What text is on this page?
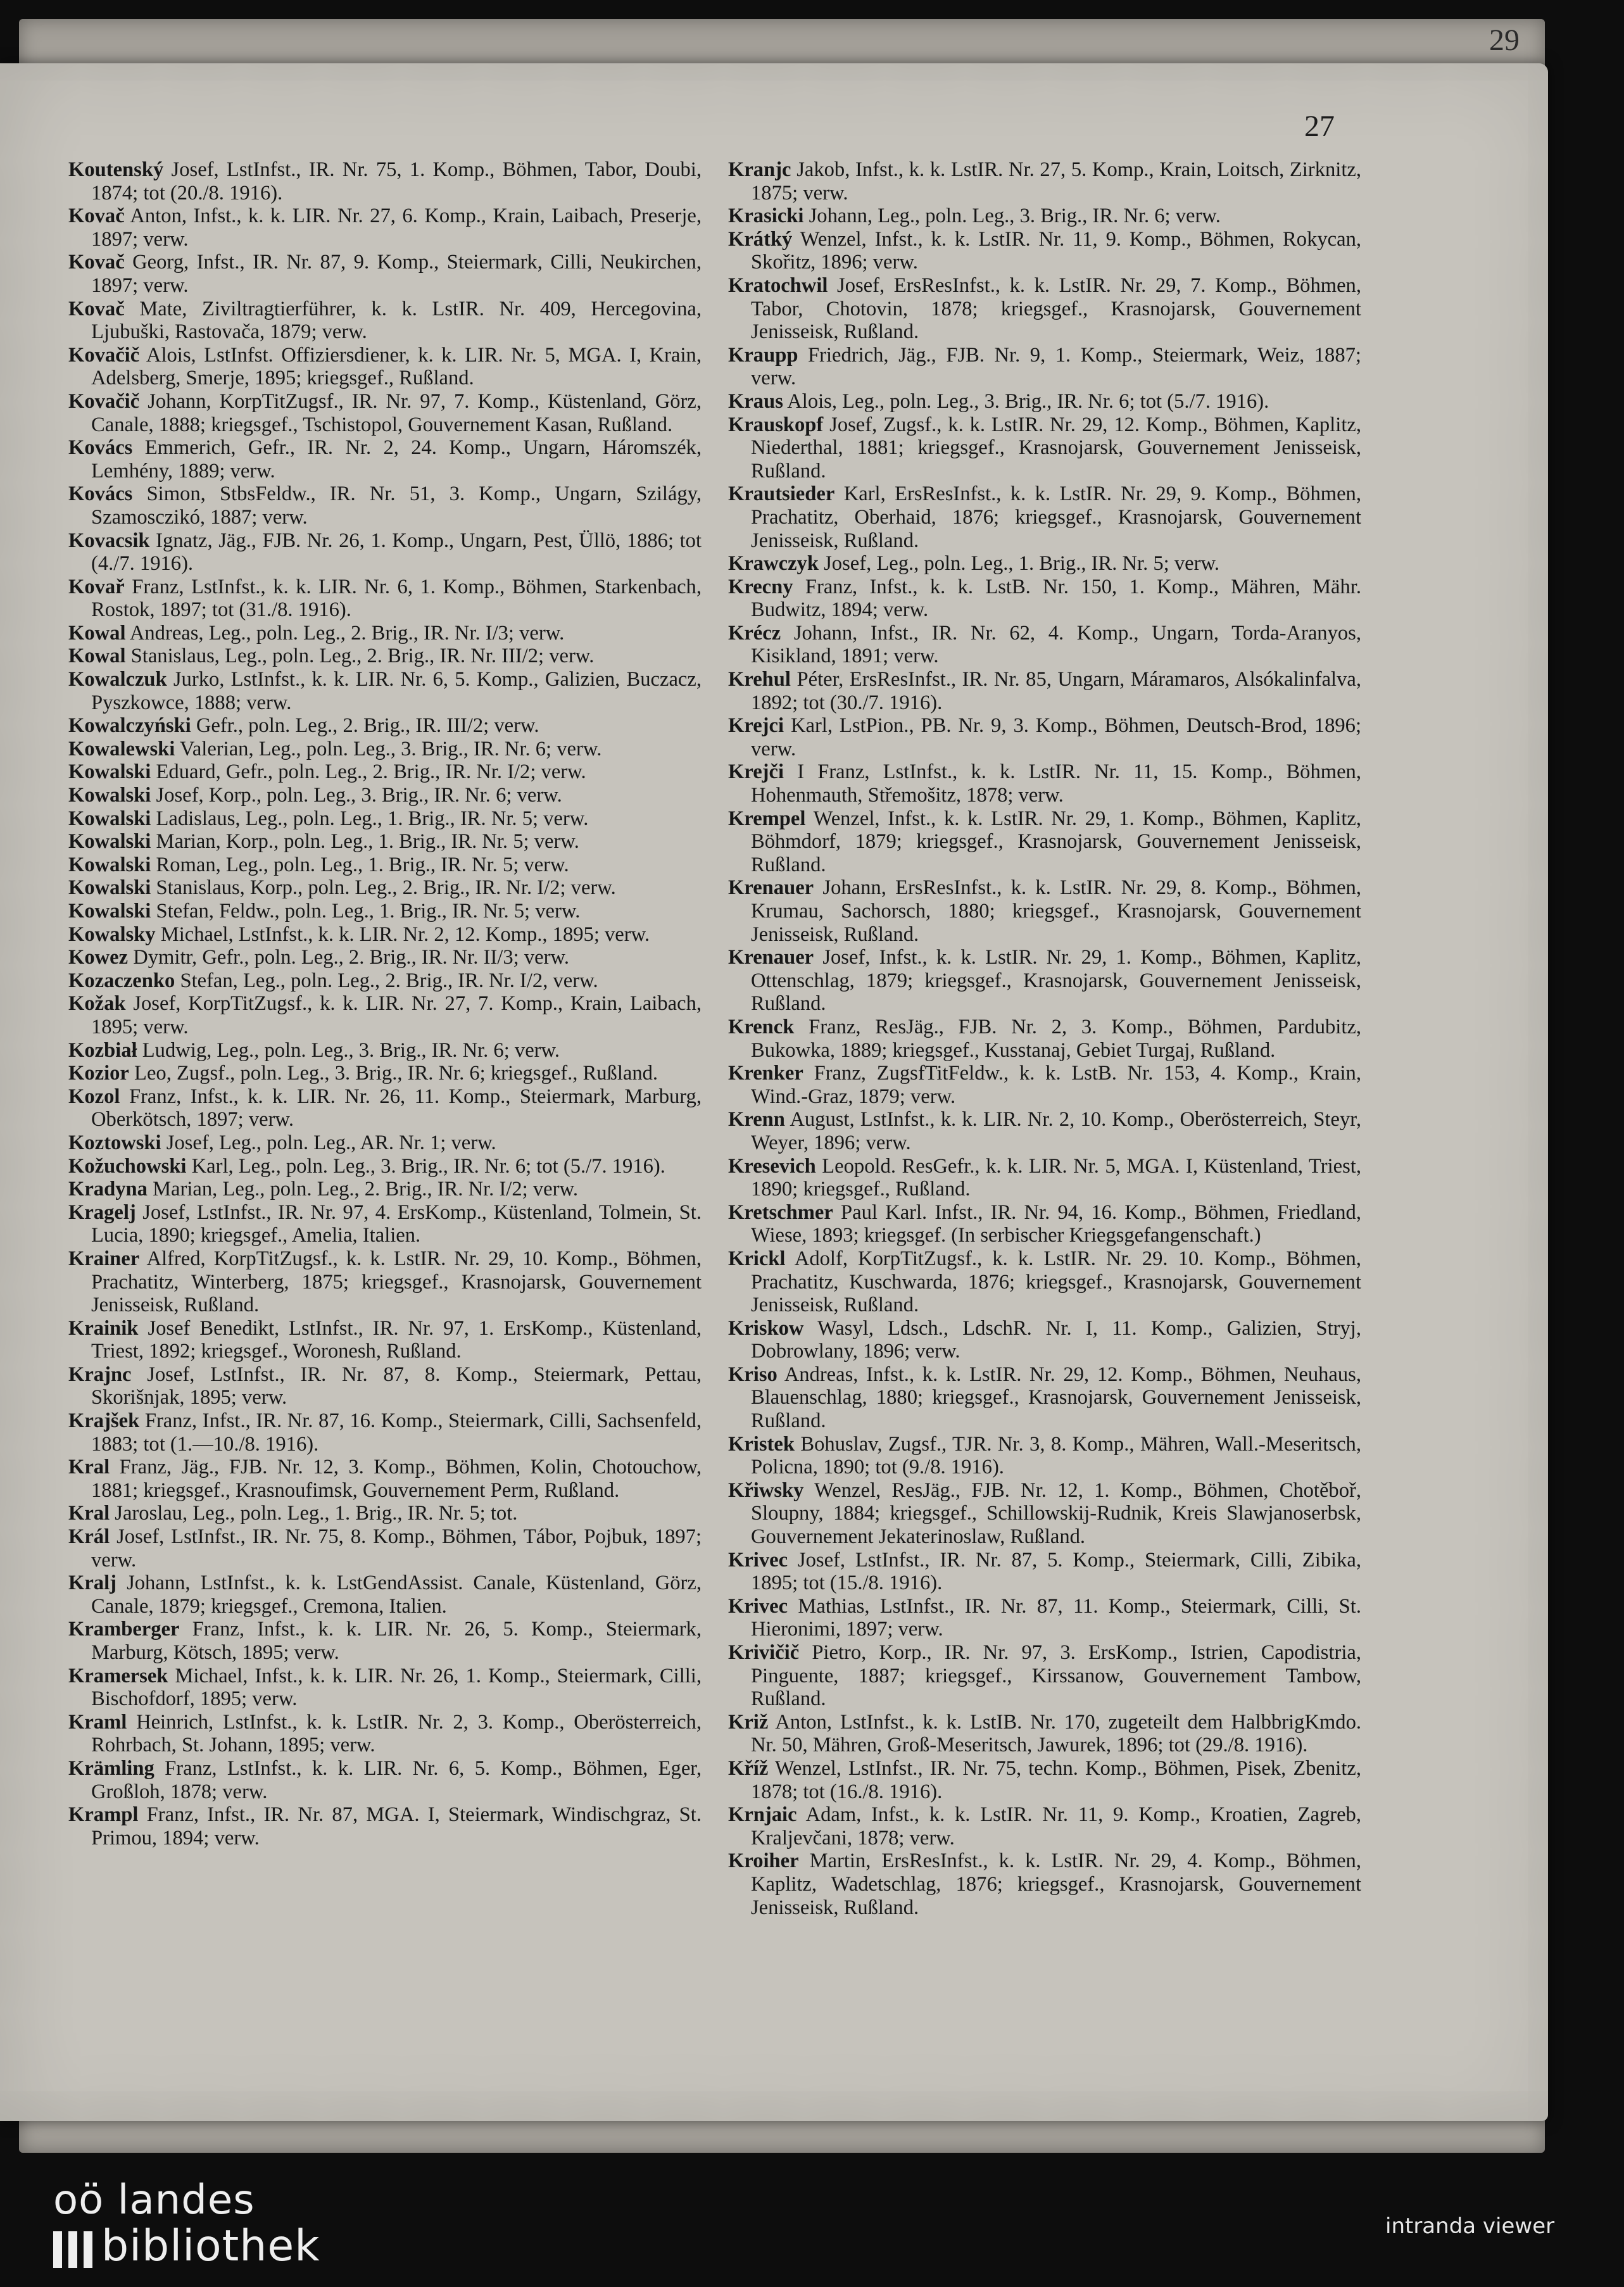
29
27
Koutenský Josef, LstInfst., IR. Nr. 75, 1. Komp., Böhmen, Tabor, Doubi, 1874; tot (20./8. 1916).
Kovač Anton, Infst., k. k. LIR. Nr. 27, 6. Komp., Krain, Laibach, Preserje, 1897; verw.
Kovač Georg, Infst., IR. Nr. 87, 9. Komp., Steiermark, Cilli, Neukirchen, 1897; verw.
Kovač Mate, Ziviltragtierführer, k. k. LstIR. Nr. 409, Hercegovina, Ljubuški, Rastovača, 1879; verw.
Kovačič Alois, LstInfst. Offiziersdiener, k. k. LIR. Nr. 5, MGA. I, Krain, Adelsberg, Smerje, 1895; kriegsgef., Rußland.
Kovačič Johann, KorpTitZugsf., IR. Nr. 97, 7. Komp., Küstenland, Görz, Canale, 1888; kriegsgef., Tschistopol, Gouvernement Kasan, Rußland.
Kovács Emmerich, Gefr., IR. Nr. 2, 24. Komp., Ungarn, Háromszék, Lemhény, 1889; verw.
Kovács Simon, StbsFeldw., IR. Nr. 51, 3. Komp., Ungarn, Szilágy, Szamosczikó, 1887; verw.
Kovacsik Ignatz, Jäg., FJB. Nr. 26, 1. Komp., Ungarn, Pest, Üllö, 1886; tot (4./7. 1916).
Kovař Franz, LstInfst., k. k. LIR. Nr. 6, 1. Komp., Böhmen, Starkenbach, Rostok, 1897; tot (31./8. 1916).
Kowal Andreas, Leg., poln. Leg., 2. Brig., IR. Nr. I/3; verw.
Kowal Stanislaus, Leg., poln. Leg., 2. Brig., IR. Nr. III/2; verw.
Kowalczuk Jurko, LstInfst., k. k. LIR. Nr. 6, 5. Komp., Galizien, Buczacz, Pyszkowce, 1888; verw.
Kowalczyński Gefr., poln. Leg., 2. Brig., IR. III/2; verw.
Kowalewski Valerian, Leg., poln. Leg., 3. Brig., IR. Nr. 6; verw.
Kowalski Eduard, Gefr., poln. Leg., 2. Brig., IR. Nr. I/2; verw.
Kowalski Josef, Korp., poln. Leg., 3. Brig., IR. Nr. 6; verw.
Kowalski Ladislaus, Leg., poln. Leg., 1. Brig., IR. Nr. 5; verw.
Kowalski Marian, Korp., poln. Leg., 1. Brig., IR. Nr. 5; verw.
Kowalski Roman, Leg., poln. Leg., 1. Brig., IR. Nr. 5; verw.
Kowalski Stanislaus, Korp., poln. Leg., 2. Brig., IR. Nr. I/2; verw.
Kowalski Stefan, Feldw., poln. Leg., 1. Brig., IR. Nr. 5; verw.
Kowalsky Michael, LstInfst., k. k. LIR. Nr. 2, 12. Komp., 1895; verw.
Kowez Dymitr, Gefr., poln. Leg., 2. Brig., IR. Nr. II/3; verw.
Kozaczenko Stefan, Leg., poln. Leg., 2. Brig., IR. Nr. I/2, verw.
Kožak Josef, KorpTitZugsf., k. k. LIR. Nr. 27, 7. Komp., Krain, Laibach, 1895; verw.
Kozbiał Ludwig, Leg., poln. Leg., 3. Brig., IR. Nr. 6; verw.
Kozior Leo, Zugsf., poln. Leg., 3. Brig., IR. Nr. 6; kriegsgef., Rußland.
Kozol Franz, Infst., k. k. LIR. Nr. 26, 11. Komp., Steiermark, Marburg, Oberkötsch, 1897; verw.
Koztowski Josef, Leg., poln. Leg., AR. Nr. 1; verw.
Kožuchowski Karl, Leg., poln. Leg., 3. Brig., IR. Nr. 6; tot (5./7. 1916).
Kradyna Marian, Leg., poln. Leg., 2. Brig., IR. Nr. I/2; verw.
Kragelj Josef, LstInfst., IR. Nr. 97, 4. ErsKomp., Küstenland, Tolmein, St. Lucia, 1890; kriegsgef., Amelia, Italien.
Krainer Alfred, KorpTitZugsf., k. k. LstIR. Nr. 29, 10. Komp., Böhmen, Prachatitz, Winterberg, 1875; kriegsgef., Krasnojarsk, Gouvernement Jenisseisk, Rußland.
Krainik Josef Benedikt, LstInfst., IR. Nr. 97, 1. ErsKomp., Küstenland, Triest, 1892; kriegsgef., Woronesh, Rußland.
Krajnc Josef, LstInfst., IR. Nr. 87, 8. Komp., Steiermark, Pettau, Skorišnjak, 1895; verw.
Krajšek Franz, Infst., IR. Nr. 87, 16. Komp., Steiermark, Cilli, Sachsenfeld, 1883; tot (1.—10./8. 1916).
Kral Franz, Jäg., FJB. Nr. 12, 3. Komp., Böhmen, Kolin, Chotouchow, 1881; kriegsgef., Krasnoufimsk, Gouvernement Perm, Rußland.
Kral Jaroslau, Leg., poln. Leg., 1. Brig., IR. Nr. 5; tot.
Král Josef, LstInfst., IR. Nr. 75, 8. Komp., Böhmen, Tábor, Pojbuk, 1897; verw.
Kralj Johann, LstInfst., k. k. LstGendAssist. Canale, Küstenland, Görz, Canale, 1879; kriegsgef., Cremona, Italien.
Kramberger Franz, Infst., k. k. LIR. Nr. 26, 5. Komp., Steiermark, Marburg, Kötsch, 1895; verw.
Kramersek Michael, Infst., k. k. LIR. Nr. 26, 1. Komp., Steiermark, Cilli, Bischofdorf, 1895; verw.
Kraml Heinrich, LstInfst., k. k. LstIR. Nr. 2, 3. Komp., Oberösterreich, Rohrbach, St. Johann, 1895; verw.
Krämling Franz, LstInfst., k. k. LIR. Nr. 6, 5. Komp., Böhmen, Eger, Großloh, 1878; verw.
Krampl Franz, Infst., IR. Nr. 87, MGA. I, Steiermark, Windischgraz, St. Primou, 1894; verw.
Kranjc Jakob, Infst., k. k. LstIR. Nr. 27, 5. Komp., Krain, Loitsch, Zirknitz, 1875; verw.
Krasicki Johann, Leg., poln. Leg., 3. Brig., IR. Nr. 6; verw.
Krátký Wenzel, Infst., k. k. LstIR. Nr. 11, 9. Komp., Böhmen, Rokycan, Skořitz, 1896; verw.
Kratochwil Josef, ErsResInfst., k. k. LstIR. Nr. 29, 7. Komp., Böhmen, Tabor, Chotovin, 1878; kriegsgef., Krasnojarsk, Gouvernement Jenisseisk, Rußland.
Kraupp Friedrich, Jäg., FJB. Nr. 9, 1. Komp., Steiermark, Weiz, 1887; verw.
Kraus Alois, Leg., poln. Leg., 3. Brig., IR. Nr. 6; tot (5./7. 1916).
Krauskopf Josef, Zugsf., k. k. LstIR. Nr. 29, 12. Komp., Böhmen, Kaplitz, Niederthal, 1881; kriegsgef., Krasnojarsk, Gouvernement Jenisseisk, Rußland.
Krautsieder Karl, ErsResInfst., k. k. LstIR. Nr. 29, 9. Komp., Böhmen, Prachatitz, Oberhaid, 1876; kriegsgef., Krasnojarsk, Gouvernement Jenisseisk, Rußland.
Krawczyk Josef, Leg., poln. Leg., 1. Brig., IR. Nr. 5; verw.
Krecny Franz, Infst., k. k. LstB. Nr. 150, 1. Komp., Mähren, Mähr. Budwitz, 1894; verw.
Krécz Johann, Infst., IR. Nr. 62, 4. Komp., Ungarn, Torda-Aranyos, Kisikland, 1891; verw.
Krehul Péter, ErsResInfst., IR. Nr. 85, Ungarn, Máramaros, Alsókalinfalva, 1892; tot (30./7. 1916).
Krejci Karl, LstPion., PB. Nr. 9, 3. Komp., Böhmen, Deutsch-Brod, 1896; verw.
Krejči I Franz, LstInfst., k. k. LstIR. Nr. 11, 15. Komp., Böhmen, Hohenmauth, Střemošitz, 1878; verw.
Krempel Wenzel, Infst., k. k. LstIR. Nr. 29, 1. Komp., Böhmen, Kaplitz, Böhmdorf, 1879; kriegsgef., Krasnojarsk, Gouvernement Jenisseisk, Rußland.
Krenauer Johann, ErsResInfst., k. k. LstIR. Nr. 29, 8. Komp., Böhmen, Krumau, Sachorsch, 1880; kriegsgef., Krasnojarsk, Gouvernement Jenisseisk, Rußland.
Krenauer Josef, Infst., k. k. LstIR. Nr. 29, 1. Komp., Böhmen, Kaplitz, Ottenschlag, 1879; kriegsgef., Krasnojarsk, Gouvernement Jenisseisk, Rußland.
Krenck Franz, ResJäg., FJB. Nr. 2, 3. Komp., Böhmen, Pardubitz, Bukowka, 1889; kriegsgef., Kusstanaj, Gebiet Turgaj, Rußland.
Krenker Franz, ZugsfTitFeldw., k. k. LstB. Nr. 153, 4. Komp., Krain, Wind.-Graz, 1879; verw.
Krenn August, LstInfst., k. k. LIR. Nr. 2, 10. Komp., Oberösterreich, Steyr, Weyer, 1896; verw.
Kresevich Leopold. ResGefr., k. k. LIR. Nr. 5, MGA. I, Küstenland, Triest, 1890; kriegsgef., Rußland.
Kretschmer Paul Karl. Infst., IR. Nr. 94, 16. Komp., Böhmen, Friedland, Wiese, 1893; kriegsgef. (In serbischer Kriegsgefangenschaft.)
Krickl Adolf, KorpTitZugsf., k. k. LstIR. Nr. 29. 10. Komp., Böhmen, Prachatitz, Kuschwarda, 1876; kriegsgef., Krasnojarsk, Gouvernement Jenisseisk, Rußland.
Kriskow Wasyl, Ldsch., LdschR. Nr. I, 11. Komp., Galizien, Stryj, Dobrowlany, 1896; verw.
Kriso Andreas, Infst., k. k. LstIR. Nr. 29, 12. Komp., Böhmen, Neuhaus, Blauenschlag, 1880; kriegsgef., Krasnojarsk, Gouvernement Jenisseisk, Rußland.
Kristek Bohuslav, Zugsf., TJR. Nr. 3, 8. Komp., Mähren, Wall.-Meseritsch, Policna, 1890; tot (9./8. 1916).
Křiwsky Wenzel, ResJäg., FJB. Nr. 12, 1. Komp., Böhmen, Chotěboř, Sloupny, 1884; kriegsgef., Schillowskij-Rudnik, Kreis Slawjanoserbsk, Gouvernement Jekaterinoslaw, Rußland.
Krivec Josef, LstInfst., IR. Nr. 87, 5. Komp., Steiermark, Cilli, Zibika, 1895; tot (15./8. 1916).
Krivec Mathias, LstInfst., IR. Nr. 87, 11. Komp., Steiermark, Cilli, St. Hieronimi, 1897; verw.
Krivičič Pietro, Korp., IR. Nr. 97, 3. ErsKomp., Istrien, Capodistria, Pinguente, 1887; kriegsgef., Kirssanow, Gouvernement Tambow, Rußland.
Križ Anton, LstInfst., k. k. LstIB. Nr. 170, zugeteilt dem HalbbrigKmdo. Nr. 50, Mähren, Groß-Meseritsch, Jawurek, 1896; tot (29./8. 1916).
Kříž Wenzel, LstInfst., IR. Nr. 75, techn. Komp., Böhmen, Pisek, Zbenitz, 1878; tot (16./8. 1916).
Krnjaic Adam, Infst., k. k. LstIR. Nr. 11, 9. Komp., Kroatien, Zagreb, Kraljevčani, 1878; verw.
Kroiher Martin, ErsResInfst., k. k. LstIR. Nr. 29, 4. Komp., Böhmen, Kaplitz, Wadetschlag, 1876; kriegsgef., Krasnojarsk, Gouvernement Jenisseisk, Rußland.
oö landes
bibliothek	intranda viewer
